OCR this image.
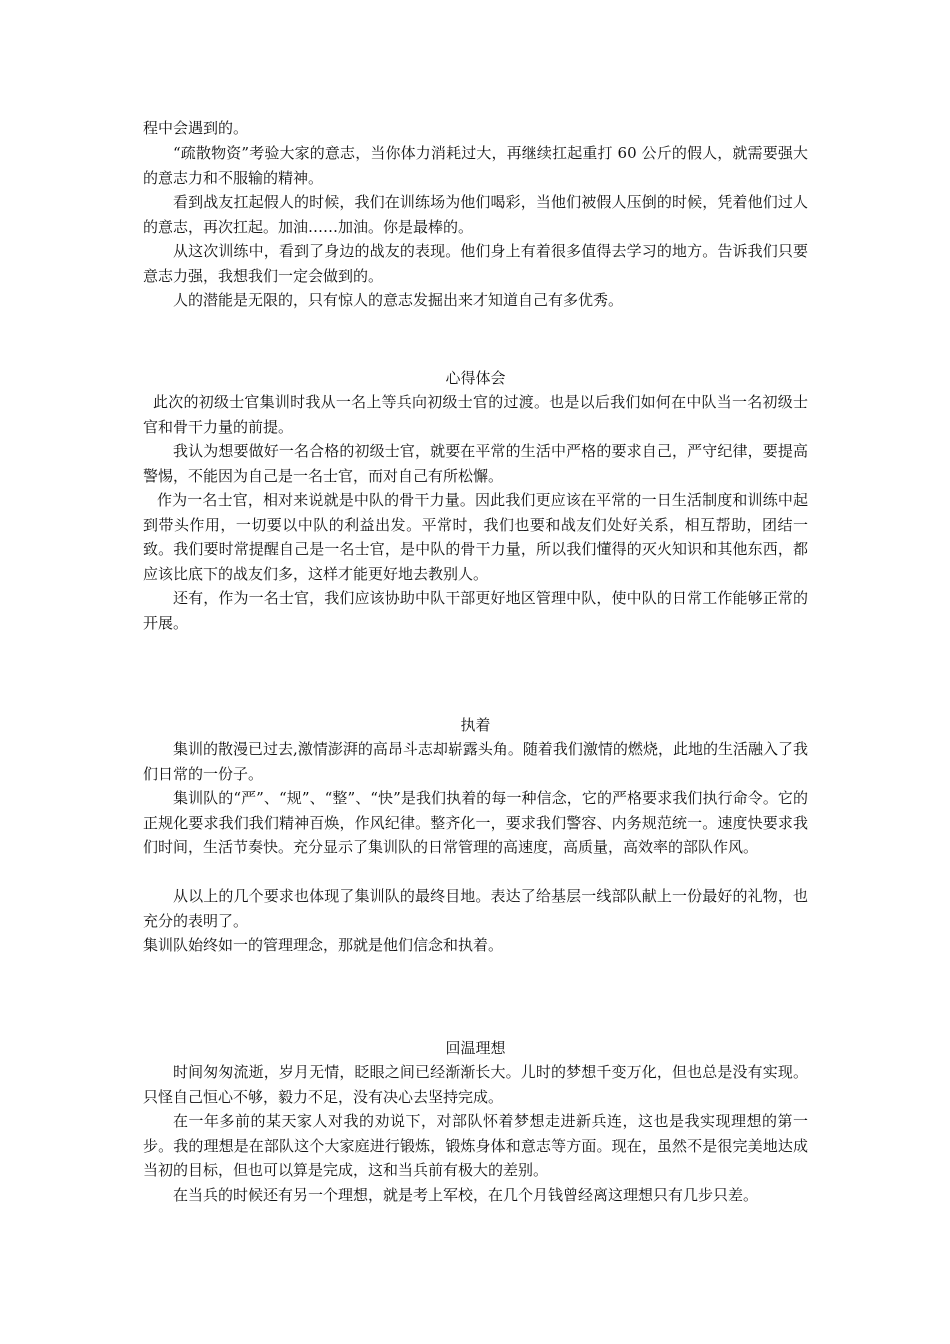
程中会遇到的。

“疏散物资”考验大家的意志，当你体力消耗过大，再继续扛起重打 60 公斤的假人，就需要强大的意志力和不服输的精神。

看到战友扛起假人的时候，我们在训练场为他们喝彩，当他们被假人压倒的时候，凭着他们过人的意志，再次扛起。加油……加油。你是最棒的。

从这次训练中，看到了身边的战友的表现。他们身上有着很多值得去学习的地方。告诉我们只要意志力强，我想我们一定会做到的。

人的潜能是无限的，只有惊人的意志发掘出来才知道自己有多优秀。

心得体会

此次的初级士官集训时我从一名上等兵向初级士官的过渡。也是以后我们如何在中队当一名初级士官和骨干力量的前提。

我认为想要做好一名合格的初级士官，就要在平常的生活中严格的要求自己，严守纪律，要提高警惕，不能因为自己是一名士官，而对自己有所松懈。

作为一名士官，相对来说就是中队的骨干力量。因此我们更应该在平常的一日生活制度和训练中起到带头作用，一切要以中队的利益出发。平常时，我们也要和战友们处好关系，相互帮助，团结一致。我们要时常提醒自己是一名士官，是中队的骨干力量，所以我们懂得的灭火知识和其他东西，都应该比底下的战友们多，这样才能更好地去教别人。

还有，作为一名士官，我们应该协助中队干部更好地区管理中队，使中队的日常工作能够正常的开展。

执着

集训的散漫已过去,激情澎湃的高昂斗志却崭露头角。随着我们激情的燃烧，此地的生活融入了我们日常的一份子。

集训队的“严”、“规”、“整”、“快”是我们执着的每一种信念，它的严格要求我们执行命令。它的正规化要求我们我们精神百焕，作风纪律。整齐化一，要求我们警容、内务规范统一。速度快要求我们时间，生活节奏快。充分显示了集训队的日常管理的高速度，高质量，高效率的部队作风。

从以上的几个要求也体现了集训队的最终目地。表达了给基层一线部队献上一份最好的礼物，也充分的表明了。

集训队始终如一的管理理念，那就是他们信念和执着。

回温理想

时间匆匆流逝，岁月无情，眨眼之间已经渐渐长大。儿时的梦想千变万化，但也总是没有实现。只怪自己恒心不够，毅力不足，没有决心去坚持完成。

在一年多前的某天家人对我的劝说下，对部队怀着梦想走进新兵连，这也是我实现理想的第一步。我的理想是在部队这个大家庭进行锻炼，锻炼身体和意志等方面。现在，虽然不是很完美地达成当初的目标，但也可以算是完成，这和当兵前有极大的差别。

在当兵的时候还有另一个理想，就是考上军校，在几个月钱曾经离这理想只有几步只差。
